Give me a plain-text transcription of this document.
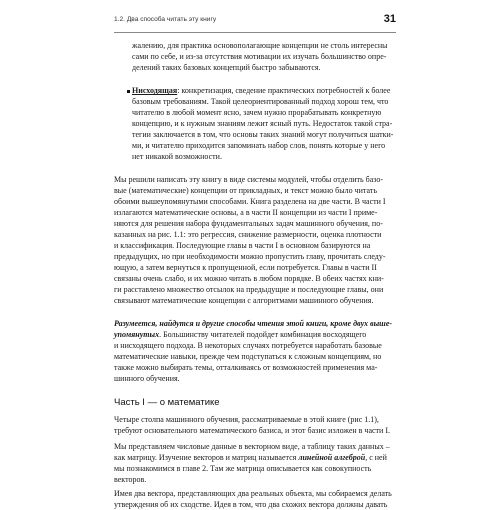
1.2. Два способа читать эту книгу	31
жалению, для практика основополагающие концепции не столь интересны
сами по себе, и из-за отсутствия мотивации их изучать большинство опре-
делений таких базовых концепций быстро забываются.
Нисходящая: конкретизация, сведение практических потребностей к более
базовым требованиям. Такой целеориентированный подход хорош тем, что
читателю в любой момент ясно, зачем нужно прорабатывать конкретную
концепцию, и к нужным знаниям лежит ясный путь. Недостаток такой стра-
тегии заключается в том, что основы таких знаний могут получиться шатки-
ми, и читателю приходится запоминать набор слов, понять которые у него
нет никакой возможности.
Мы решили написать эту книгу в виде системы модулей, чтобы отделить базо-
вые (математические) концепции от прикладных, и текст можно было читать
обоими вышеупомянутыми способами. Книга разделена на две части. В части I
излагаются математические основы, а в части II концепции из части I приме-
няются для решения набора фундаментальных задач машинного обучения, по-
казанных на рис. 1.1: это регрессия, снижение размерности, оценка плотности
и классификация. Последующие главы в части I в основном базируются на
предыдущих, но при необходимости можно пропустить главу, прочитать следу-
ющую, а затем вернуться к пропущенной, если потребуется. Главы в части II
связаны очень слабо, и их можно читать в любом порядке. В обеих частях кни-
ги расставлено множество отсылок на предыдущие и последующие главы, они
связывают математические концепции с алгоритмами машинного обучения.
Разумеется, найдутся и другие способы чтения этой книги, кроме двух выше-
упомянутых. Большинству читателей подойдет комбинация восходящего
и нисходящего подхода. В некоторых случаях потребуется наработать базовые
математические навыки, прежде чем подступаться к сложным концепциям, но
также можно выбирать темы, отталкиваясь от возможностей применения ма-
шинного обучения.
Часть I — о математике
Четыре столпа машинного обучения, рассматриваемые в этой книге (рис 1.1),
требуют основательного математического базиса, и этот базис изложен в части I.
Мы представляем числовые данные в векторном виде, а таблицу таких данных –
как матрицу. Изучение векторов и матриц называется линейной алгеброй, с ней
мы познакомимся в главе 2. Там же матрица описывается как совокупность
векторов.
Имея два вектора, представляющих два реальных объекта, мы собираемся делать
утверждения об их сходстве. Идея в том, что два схожих вектора должны давать
